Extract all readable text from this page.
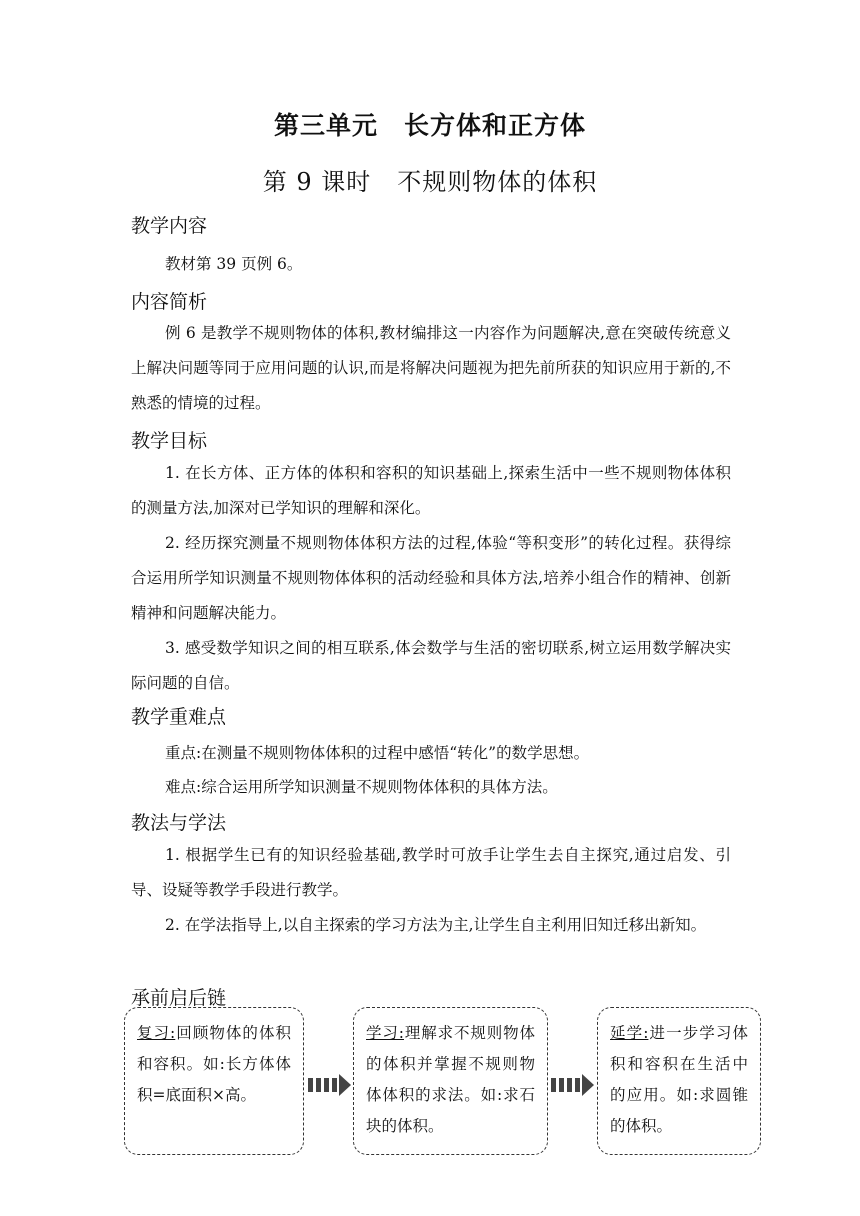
第三单元 长方体和正方体
第 9 课时 不规则物体的体积
教学内容
教材第 39 页例 6。
内容简析
例 6 是教学不规则物体的体积,教材编排这一内容作为问题解决,意在突破传统意义上解决问题等同于应用问题的认识,而是将解决问题视为把先前所获的知识应用于新的,不熟悉的情境的过程。
教学目标
1. 在长方体、正方体的体积和容积的知识基础上,探索生活中一些不规则物体体积的测量方法,加深对已学知识的理解和深化。
2. 经历探究测量不规则物体体积方法的过程,体验“等积变形”的转化过程。获得综合运用所学知识测量不规则物体体积的活动经验和具体方法,培养小组合作的精神、创新精神和问题解决能力。
3. 感受数学知识之间的相互联系,体会数学与生活的密切联系,树立运用数学解决实际问题的自信。
教学重难点
重点:在测量不规则物体体积的过程中感悟“转化”的数学思想。
难点:综合运用所学知识测量不规则物体体积的具体方法。
教法与学法
1. 根据学生已有的知识经验基础,教学时可放手让学生去自主探究,通过启发、引导、设疑等教学手段进行教学。
2. 在学法指导上,以自主探索的学习方法为主,让学生自主利用旧知迁移出新知。
承前启后链
复习:回顾物体的体积和容积。如:长方体体积=底面积×高。
学习:理解求不规则物体的体积并掌握不规则物体体积的求法。如:求石块的体积。
延学:进一步学习体积和容积在生活中的应用。如:求圆锥的体积。
